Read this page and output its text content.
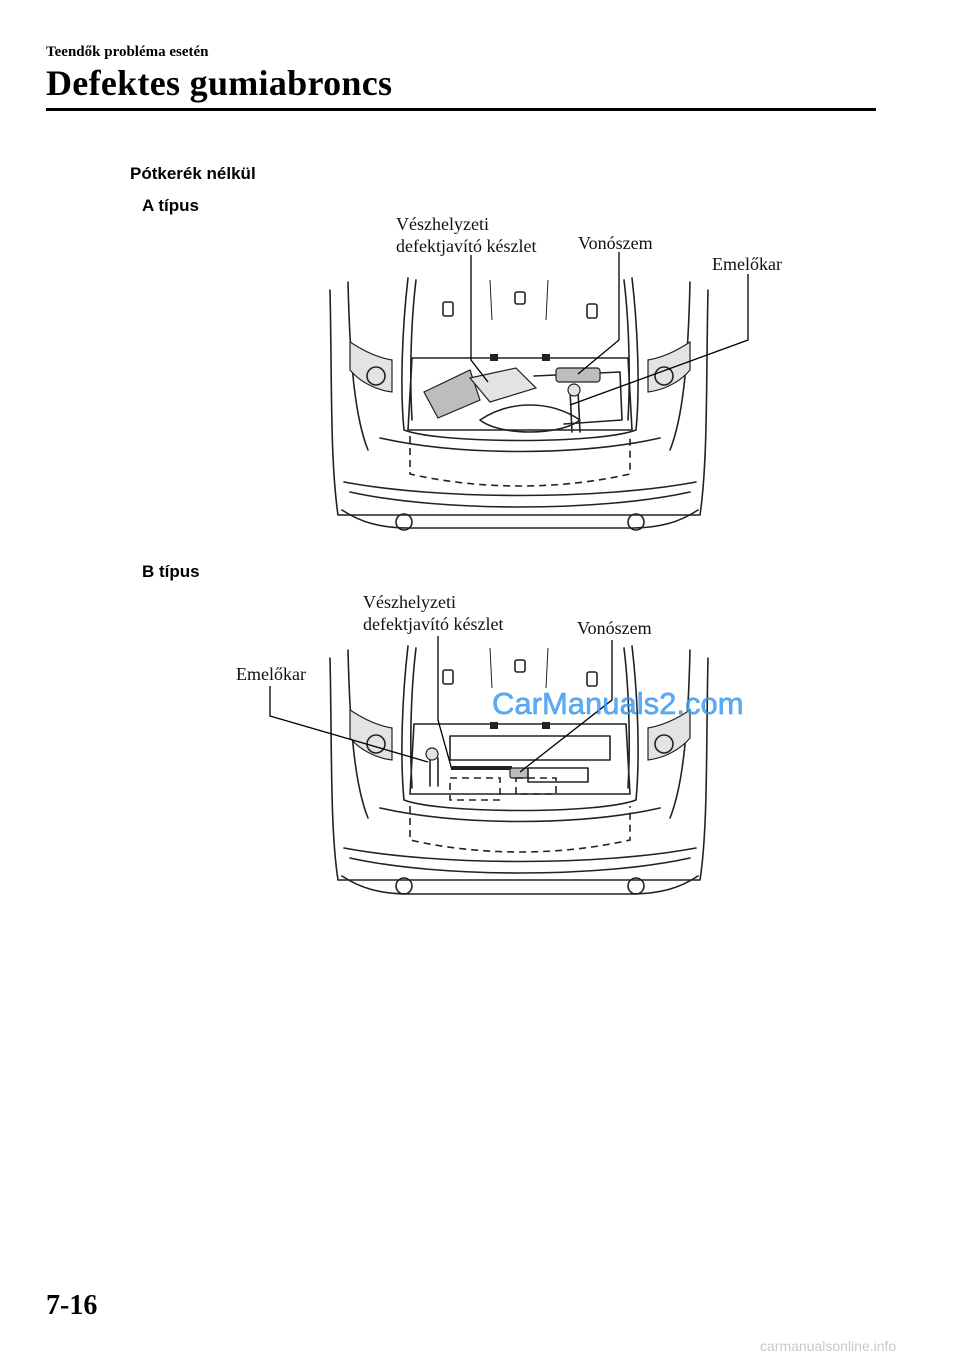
Teendők probléma esetén
Defektes gumiabroncs
Pótkerék nélkül
A típus
Vészhelyzeti
defektjavító készlet Vonószem
Emelőkar
B típus
Vészhelyzeti
defektjavító készlet	Vonószem
Emelőkar
CarManuals2.com
carmanualsonline.info
7-16
